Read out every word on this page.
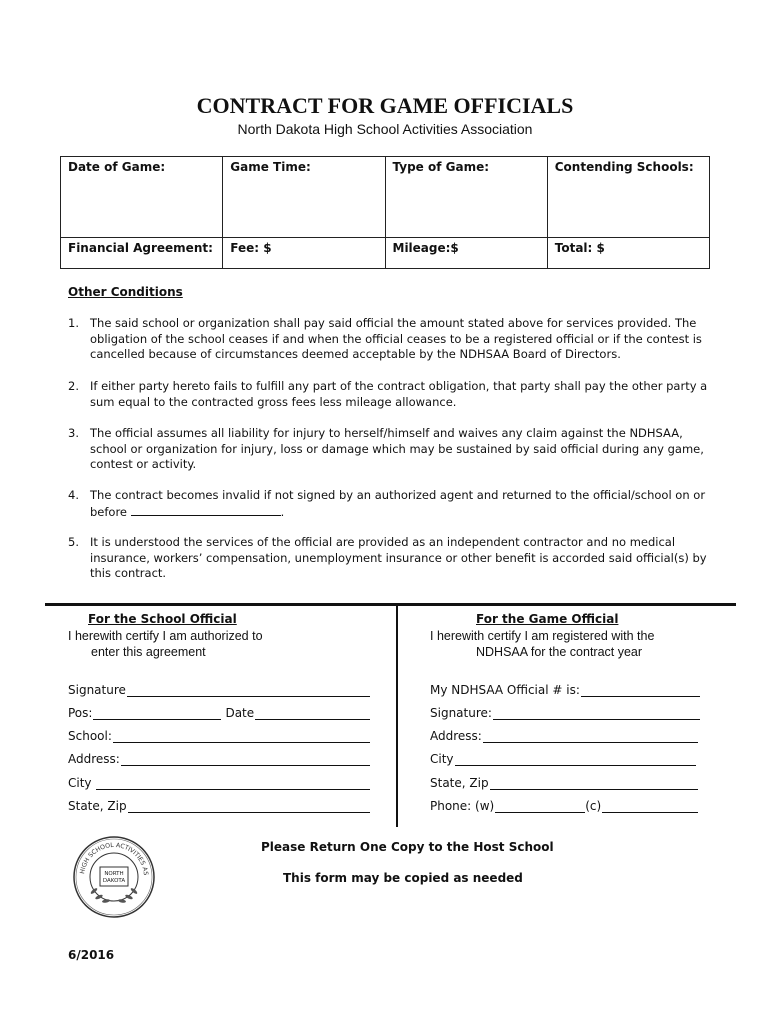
CONTRACT FOR GAME OFFICIALS
North Dakota High School Activities Association
Date of Game:	Game Time:	Type of Game:	Contending Schools:
Financial Agreement:	Fee: $	Mileage:$	Total: $
Other Conditions
1. The said school or organization shall pay said official the amount stated above for services provided. The obligation of the school ceases if and when the official ceases to be a registered official or if the contest is cancelled because of circumstances deemed acceptable by the NDHSAA Board of Directors.
2. If either party hereto fails to fulfill any part of the contract obligation, that party shall pay the other party a sum equal to the contracted gross fees less mileage allowance.
3. The official assumes all liability for injury to herself/himself and waives any claim against the NDHSAA, school or organization for injury, loss or damage which may be sustained by said official during any game, contest or activity.
4. The contract becomes invalid if not signed by an authorized agent and returned to the official/school on or before	.
5. It is understood the services of the official are provided as an independent contractor and no medical insurance, workers’ compensation, unemployment insurance or other benefit is accorded said official(s) by this contract.
For the School Official
I herewith certify I am authorized to
enter this agreement
Signature
Pos:	Date
School:
Address:
City
State, Zip
For the Game Official
I herewith certify I am registered with the
NDHSAA for the contract year
My NDHSAA Official # is:
Signature:
Address:
City
State, Zip
Phone: (w)	(c)
Please Return One Copy to the Host School
This form may be copied as needed
6/2016
HIGH SCHOOL ACTIVITIES AS
NORTH
DAKOTA
